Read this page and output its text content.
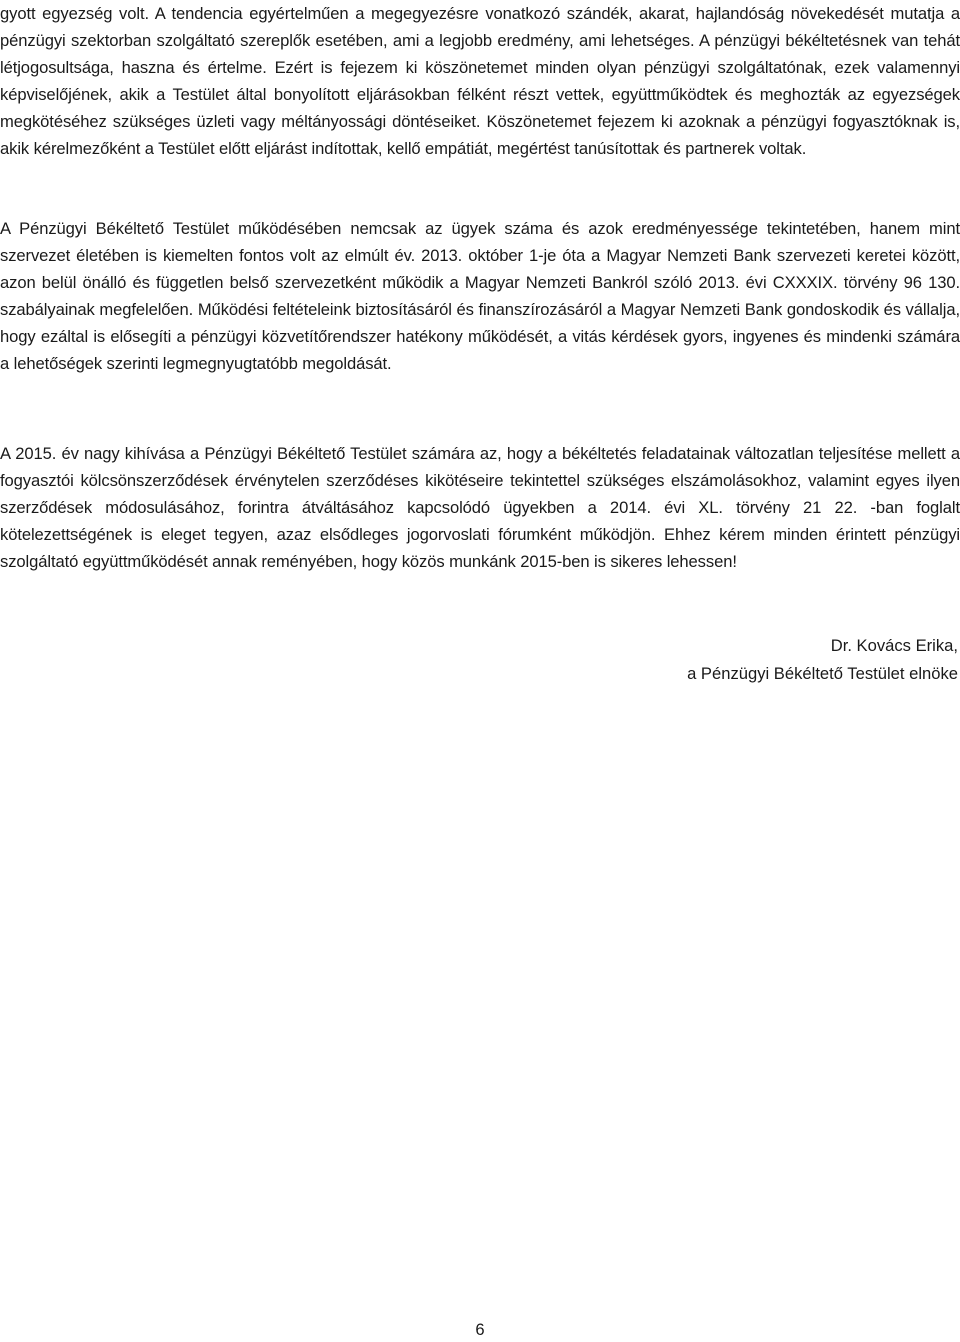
gyott egyezség volt. A tendencia egyértelműen a megegyezésre vonatkozó szándék, akarat, hajlandóság növekedését mutatja a pénzügyi szektorban szolgáltató szereplők esetében, ami a legjobb eredmény, ami lehetséges. A pénzügyi békéltetésnek van tehát létjogosultsága, haszna és értelme. Ezért is fejezem ki köszönetemet minden olyan pénzügyi szolgáltatónak, ezek valamennyi képviselőjének, akik a Testület által bonyolított eljárásokban félként részt vettek, együttműködtek és meghozták az egyezségek megkötéséhez szükséges üzleti vagy méltányossági döntéseiket. Köszönetemet fejezem ki azoknak a pénzügyi fogyasztóknak is, akik kérelmezőként a Testület előtt eljárást indítottak, kellő empátiát, megértést tanúsítottak és partnerek voltak.

A Pénzügyi Békéltető Testület működésében nemcsak az ügyek száma és azok eredményessége tekintetében, hanem mint szervezet életében is kiemelten fontos volt az elmúlt év. 2013. október 1-je óta a Magyar Nemzeti Bank szervezeti keretei között, azon belül önálló és független belső szervezetként működik a Magyar Nemzeti Bankról szóló 2013. évi CXXXIX. törvény 96 130. szabályainak megfelelően. Működési feltételeink biztosításáról és finanszírozásáról a Magyar Nemzeti Bank gondoskodik és vállalja, hogy ezáltal is elősegíti a pénzügyi közvetítőrendszer hatékony működését, a vitás kérdések gyors, ingyenes és mindenki számára a lehetőségek szerinti legmegnyugtatóbb megoldását.

A 2015. év nagy kihívása a Pénzügyi Békéltető Testület számára az, hogy a békéltetés feladatainak változatlan teljesítése mellett a fogyasztói kölcsönszerződések érvénytelen szerződéses kikötéseire tekintettel szükséges elszámolásokhoz, valamint egyes ilyen szerződések módosulásához, forintra átváltásához kapcsolódó ügyekben a 2014. évi XL. törvény 21 22. -ban foglalt kötelezettségének is eleget tegyen, azaz elsődleges jogorvoslati fórumként működjön. Ehhez kérem minden érintett pénzügyi szolgáltató együttműködését annak reményében, hogy közös munkánk 2015-ben is sikeres lehessen!

Dr. Kovács Erika,
a Pénzügyi Békéltető Testület elnöke
6
